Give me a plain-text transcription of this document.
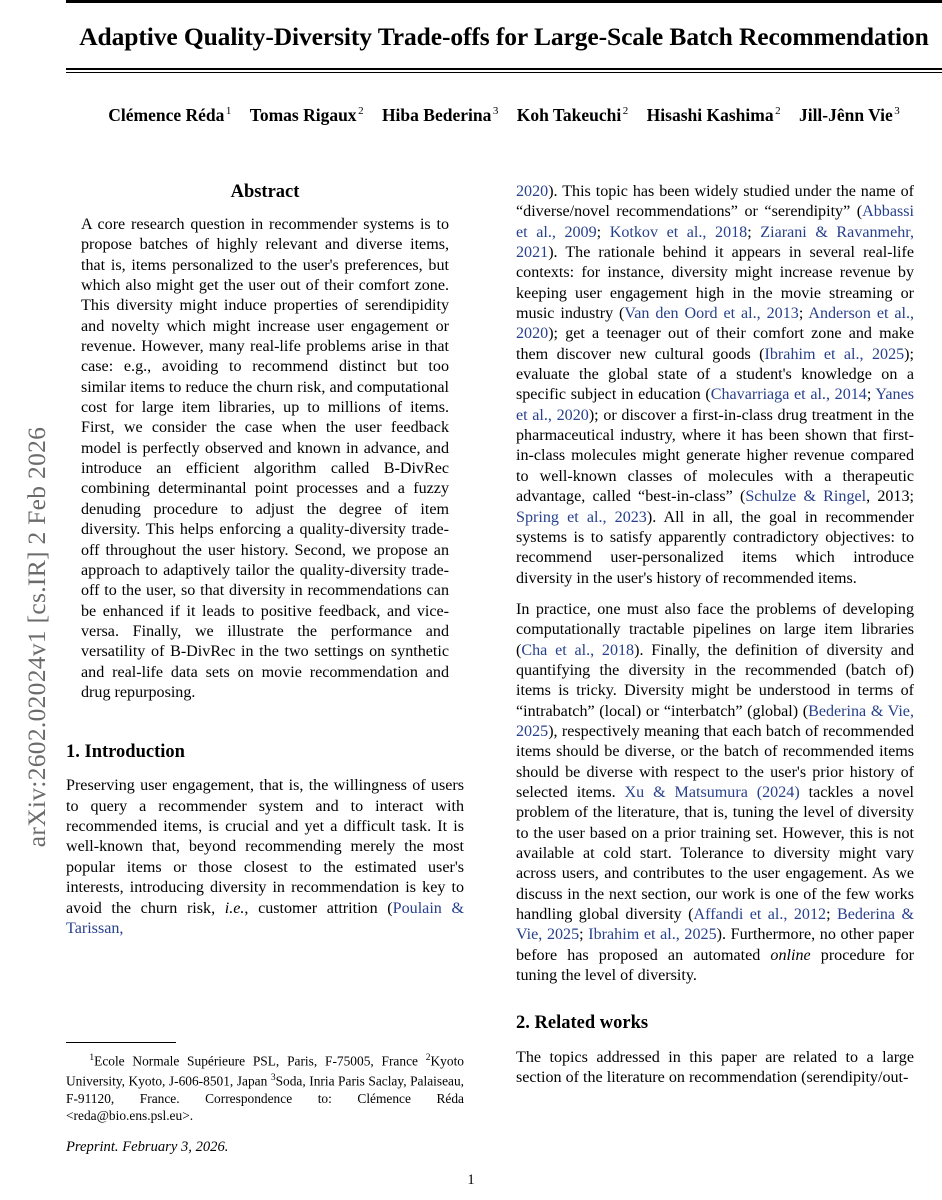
arXiv:2602.02024v1 [cs.IR] 2 Feb 2026
Adaptive Quality-Diversity Trade-offs for Large-Scale Batch Recommendation
Clémence Réda $^1$ Tomas Rigaux $^2$ Hiba Bederina $^3$ Koh Takeuchi $^2$ Hisashi Kashima $^2$ Jill-Jênn Vie $^3$
Abstract
A core research question in recommender systems is to propose batches of highly relevant and diverse items, that is, items personalized to the user's preferences, but which also might get the user out of their comfort zone. This diversity might induce properties of serendipidity and novelty which might increase user engagement or revenue. However, many real-life problems arise in that case: e.g., avoiding to recommend distinct but too similar items to reduce the churn risk, and computational cost for large item libraries, up to millions of items. First, we consider the case when the user feedback model is perfectly observed and known in advance, and introduce an efficient algorithm called B-DivRec combining determinantal point processes and a fuzzy denuding procedure to adjust the degree of item diversity. This helps enforcing a quality-diversity trade-off throughout the user history. Second, we propose an approach to adaptively tailor the quality-diversity trade-off to the user, so that diversity in recommendations can be enhanced if it leads to positive feedback, and vice-versa. Finally, we illustrate the performance and versatility of B-DivRec in the two settings on synthetic and real-life data sets on movie recommendation and drug repurposing.
1. Introduction

Preserving user engagement, that is, the willingness of users to query a recommender system and to interact with recommended items, is crucial and yet a difficult task. It is well-known that, beyond recommending merely the most popular items or those closest to the estimated user's interests, introducing diversity in recommendation is key to avoid the churn risk, i.e., customer attrition (Poulain & Tarissan,

2020). This topic has been widely studied under the name of “diverse/novel recommendations” or “serendipity” (Abbassi et al., 2009; Kotkov et al., 2018; Ziarani & Ravanmehr, 2021). The rationale behind it appears in several real-life contexts: for instance, diversity might increase revenue by keeping user engagement high in the movie streaming or music industry (Van den Oord et al., 2013; Anderson et al., 2020); get a teenager out of their comfort zone and make them discover new cultural goods (Ibrahim et al., 2025); evaluate the global state of a student's knowledge on a specific subject in education (Chavarriaga et al., 2014; Yanes et al., 2020); or discover a first-in-class drug treatment in the pharmaceutical industry, where it has been shown that first-in-class molecules might generate higher revenue compared to well-known classes of molecules with a therapeutic advantage, called “best-in-class” (Schulze & Ringel, 2013; Spring et al., 2023). All in all, the goal in recommender systems is to satisfy apparently contradictory objectives: to recommend user-personalized items which introduce diversity in the user's history of recommended items.

In practice, one must also face the problems of developing computationally tractable pipelines on large item libraries (Cha et al., 2018). Finally, the definition of diversity and quantifying the diversity in the recommended (batch of) items is tricky. Diversity might be understood in terms of “intrabatch” (local) or “interbatch” (global) (Bederina & Vie, 2025), respectively meaning that each batch of recommended items should be diverse, or the batch of recommended items should be diverse with respect to the user's prior history of selected items. Xu & Matsumura (2024) tackles a novel problem of the literature, that is, tuning the level of diversity to the user based on a prior training set. However, this is not available at cold start. Tolerance to diversity might vary across users, and contributes to the user engagement. As we discuss in the next section, our work is one of the few works handling global diversity (Affandi et al., 2012; Bederina & Vie, 2025; Ibrahim et al., 2025). Furthermore, no other paper before has proposed an automated online procedure for tuning the level of diversity.

2. Related works

The topics addressed in this paper are related to a large section of the literature on recommendation (serendipity/out-

$^1$Ecole Normale Supérieure PSL, Paris, F-75005, France $^2$Kyoto University, Kyoto, J-606-8501, Japan $^3$Soda, Inria Paris Saclay, Palaiseau, F-91120, France. Correspondence to: Clémence Réda <reda@bio.ens.psl.eu>.

Preprint. February 3, 2026.
1
